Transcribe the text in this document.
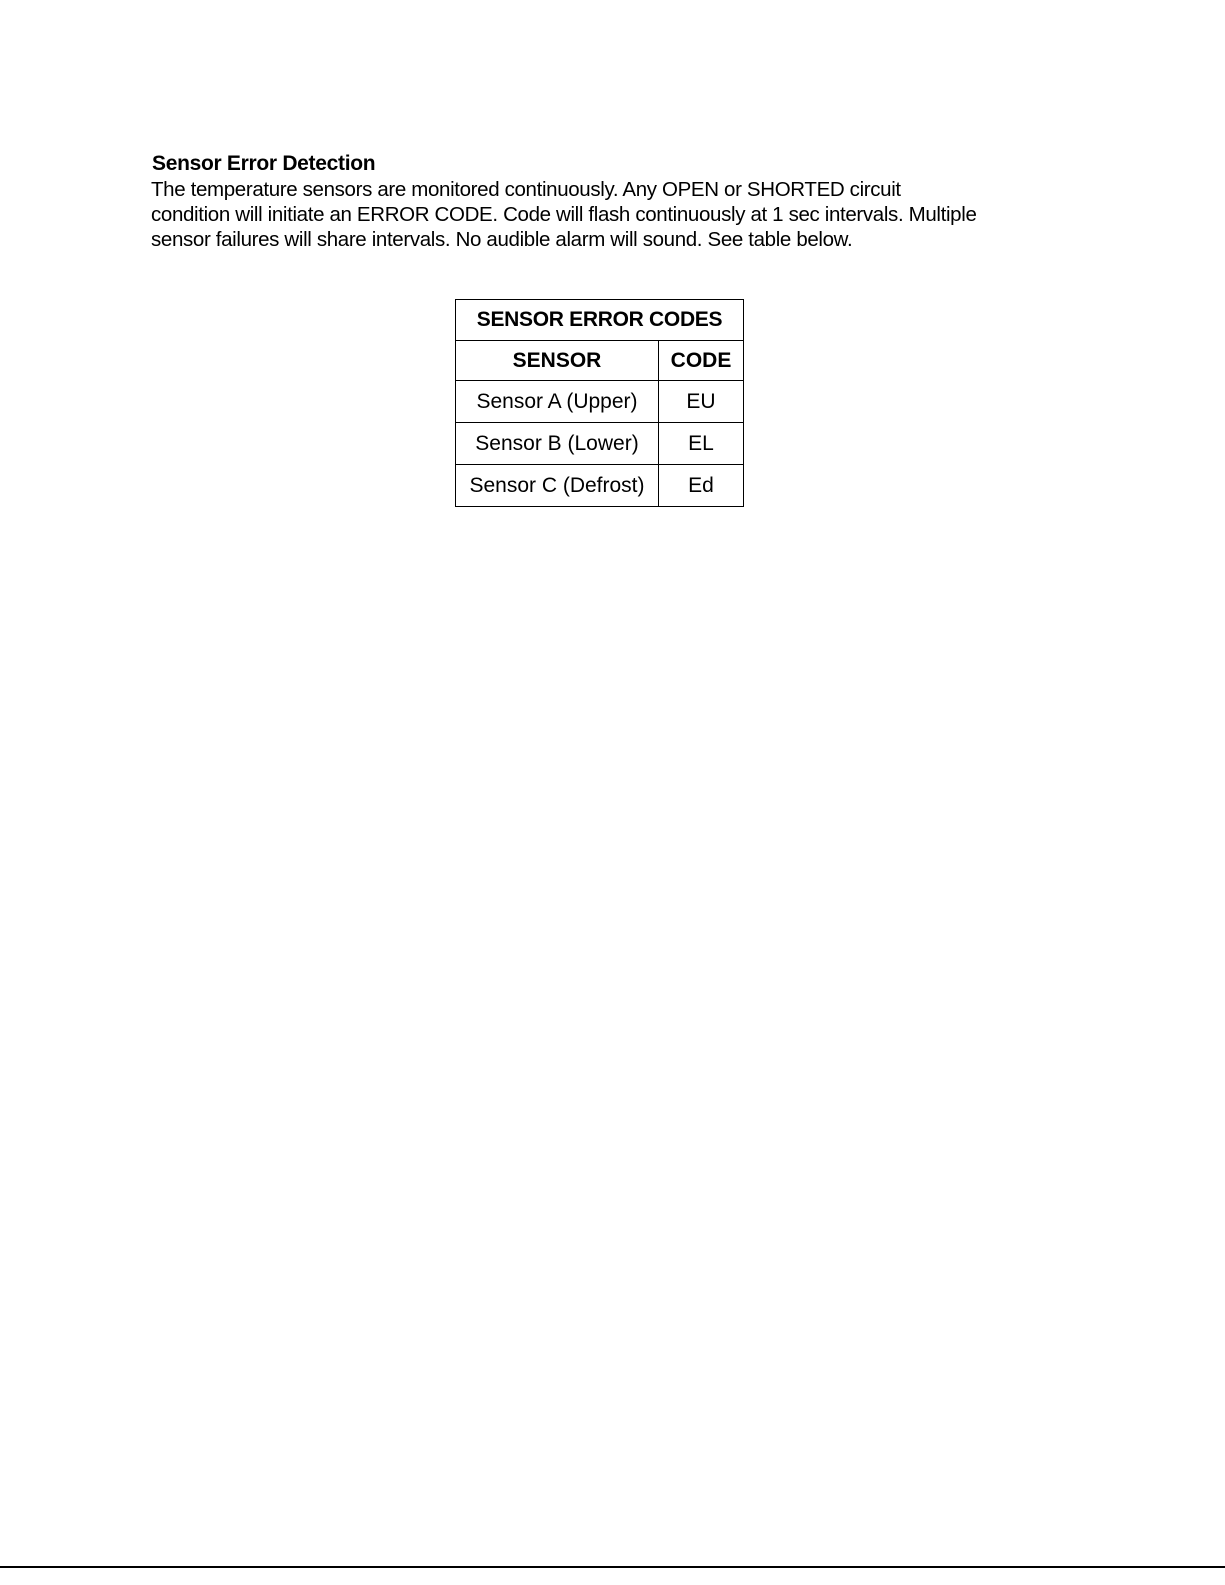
Sensor Error Detection
The temperature sensors are monitored continuously. Any OPEN or SHORTED circuit
condition will initiate an ERROR CODE. Code will flash continuously at 1 sec intervals. Multiple
sensor failures will share intervals. No audible alarm will sound. See table below.
SENSOR ERROR CODES	
SENSOR	CODE
Sensor A (Upper)	EU
Sensor B (Lower)	EL
Sensor C (Defrost)	Ed
